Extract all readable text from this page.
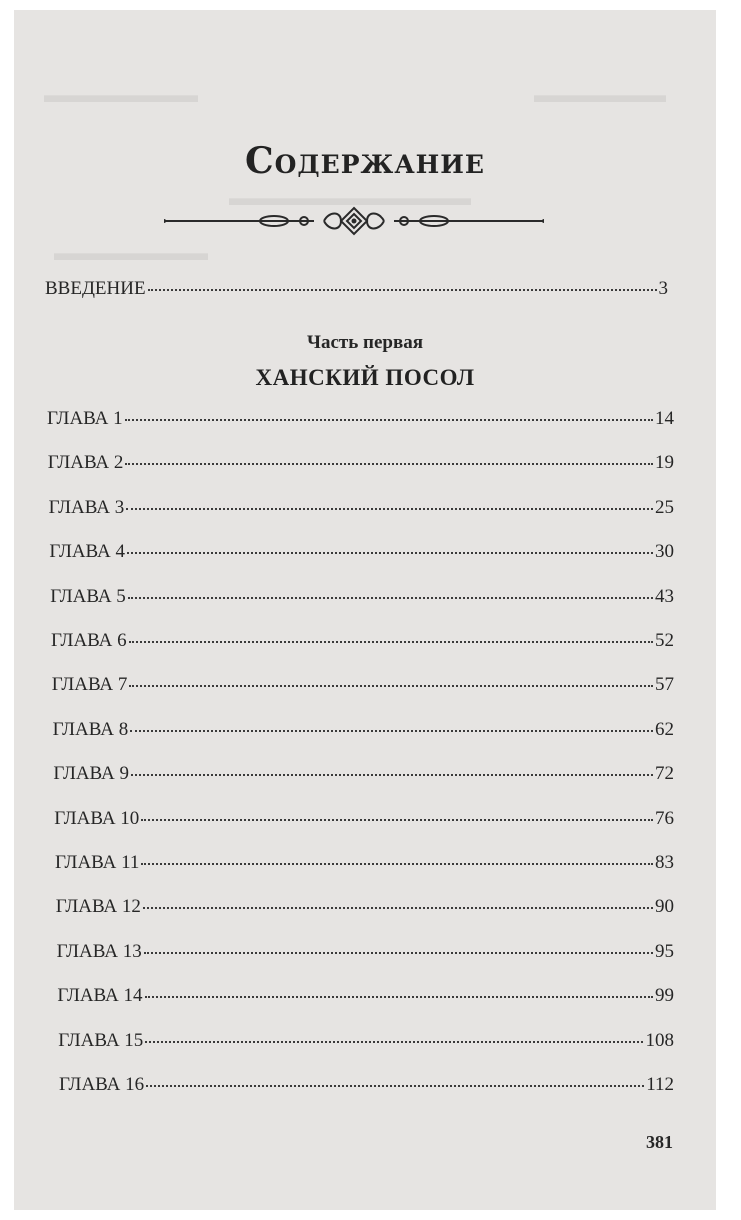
▬▬▬▬▬▬▬	▬▬▬▬▬▬
▬▬▬▬▬▬▬▬▬▬▬
▬▬▬▬▬▬▬
Содержание
ВВЕДЕНИЕ	3
Часть первая
ХАНСКИЙ ПОСОЛ
ГЛАВА 1	14
ГЛАВА 2	19
ГЛАВА 3	25
ГЛАВА 4	30
ГЛАВА 5	43
ГЛАВА 6	52
ГЛАВА 7	57
ГЛАВА 8	62
ГЛАВА 9	72
ГЛАВА 10	76
ГЛАВА 11	83
ГЛАВА 12	90
ГЛАВА 13	95
ГЛАВА 14	99
ГЛАВА 15	108
ГЛАВА 16	112
381
